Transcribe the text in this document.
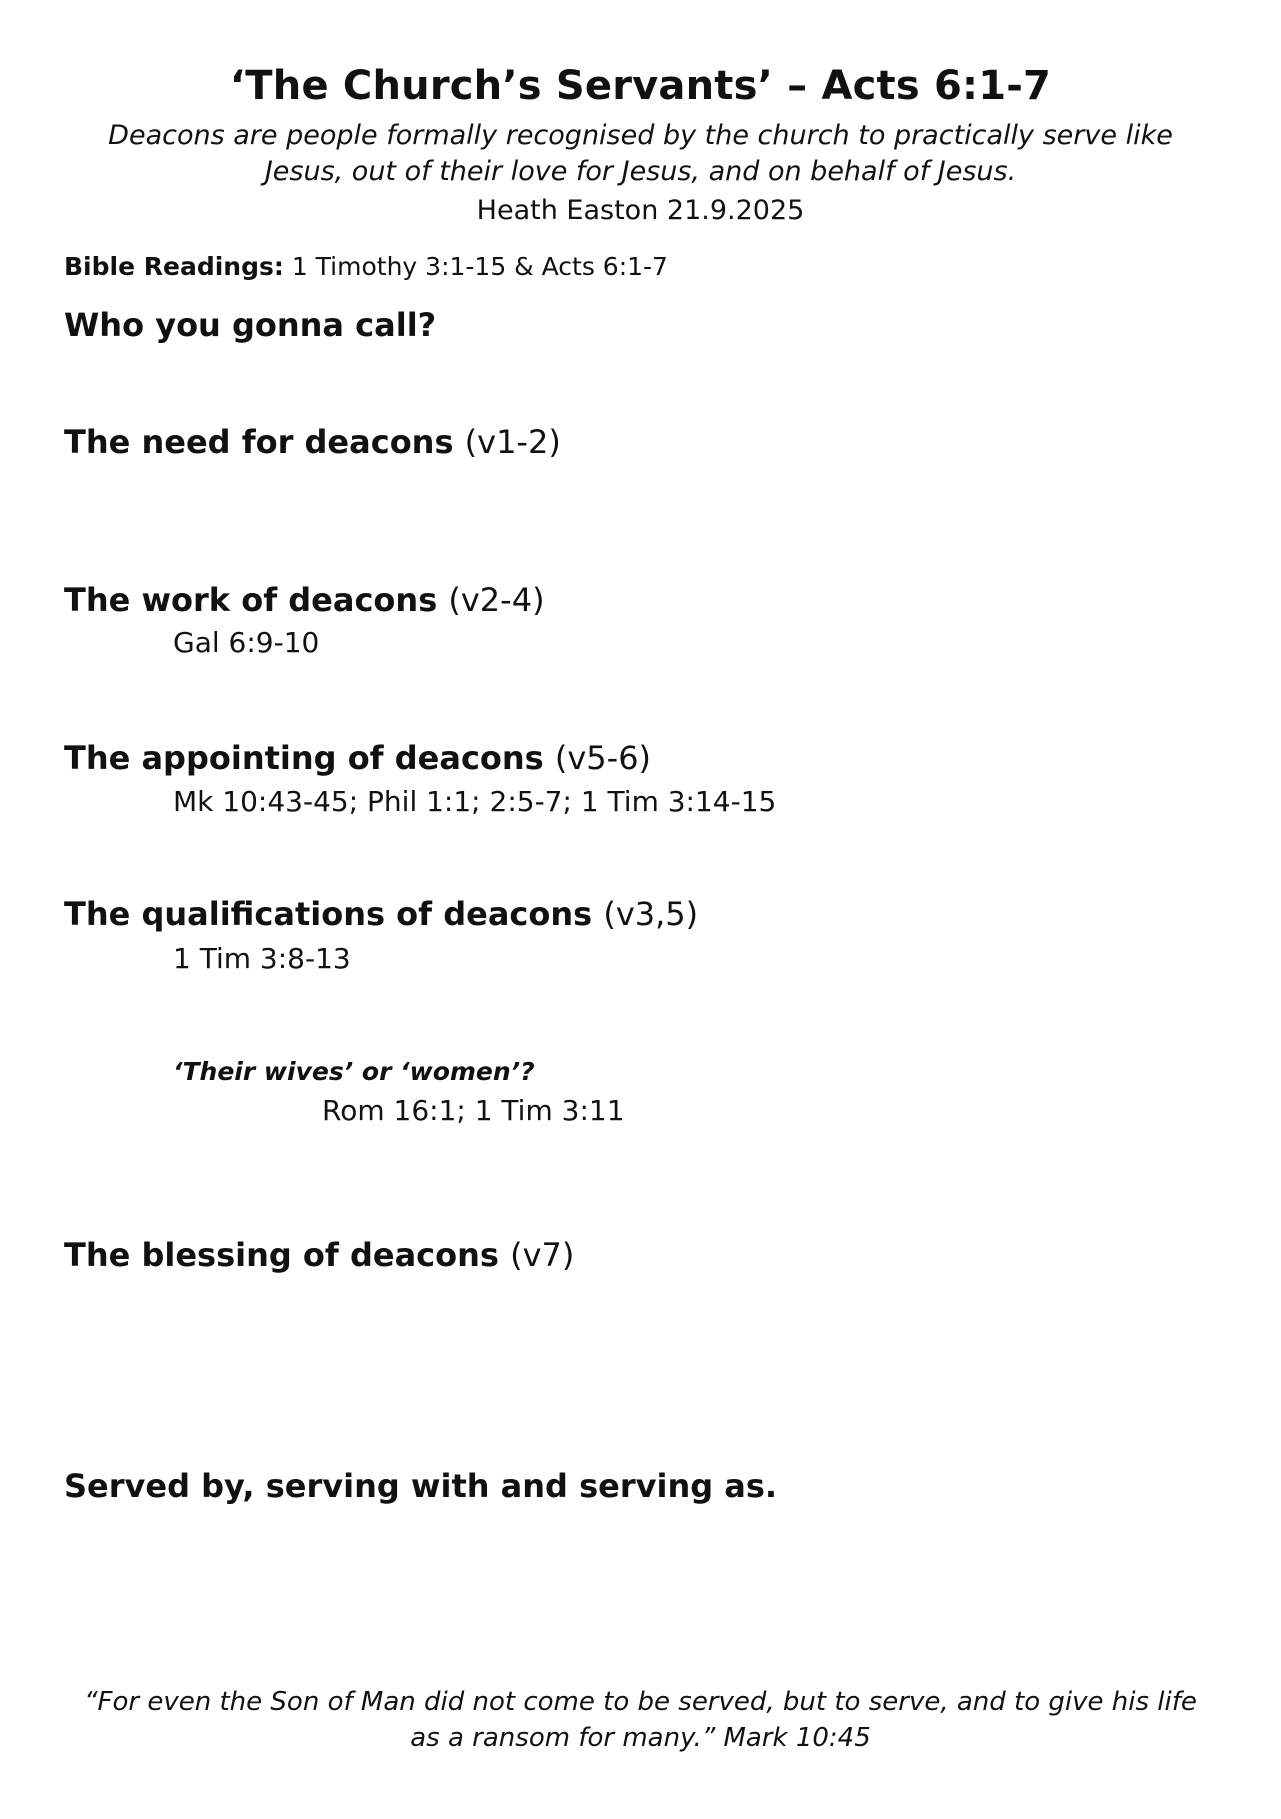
‘The Church’s Servants’ – Acts 6:1-7
Deacons are people formally recognised by the church to practically serve like Jesus, out of their love for Jesus, and on behalf of Jesus.
Heath Easton 21.9.2025
Bible Readings: 1 Timothy 3:1-15 & Acts 6:1-7
Who you gonna call?
The need for deacons (v1-2)
The work of deacons (v2-4)
Gal 6:9-10
The appointing of deacons (v5-6)
Mk 10:43-45; Phil 1:1; 2:5-7; 1 Tim 3:14-15
The qualifications of deacons (v3,5)
1 Tim 3:8-13
‘Their wives’ or ‘women’?
Rom 16:1; 1 Tim 3:11
The blessing of deacons (v7)
Served by, serving with and serving as.
“For even the Son of Man did not come to be served, but to serve, and to give his life as a ransom for many.” Mark 10:45
